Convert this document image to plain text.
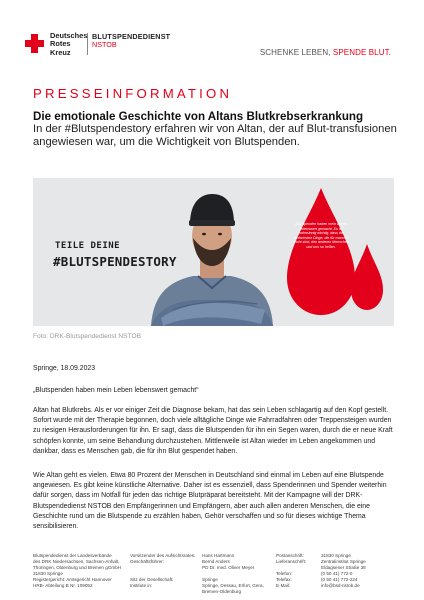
Deutsches
Rotes
Kreuz
BLUTSPENDEDIENST
NSTOB
SCHENKE LEBEN, SPENDE BLUT.
PRESSEINFORMATION
Die emotionale Geschichte von Altans Blutkrebserkrankung
In der #Blutspendestory erfahren wir von Altan, der auf Blut-transfusionen angewiesen war, um die Wichtigkeit von Blutspenden.
TEILE DEINE
#BLUTSPENDESTORY
„Blutspenden haben mein Leben lebenswert gemacht. Es ist wahnsinnig wichtig, dass die einfachsten Dinge, die für manche leicht sind, den anderen Menschen und uns so helfen.
Foto: DRK-Blutspendedienst NSTOB
Springe, 18.09.2023
„Blutspenden haben mein Leben lebenswert gemacht“
Altan hat Blutkrebs. Als er vor einiger Zeit die Diagnose bekam, hat das sein Leben schlagartig auf den Kopf gestellt. Sofort wurde mit der Therapie begonnen, doch viele alltägliche Dinge wie Fahrradfahren oder Treppensteigen wurden zu riesigen Herausforderungen für ihn. Er sagt, dass die Blutspenden für ihn ein Segen waren, durch die er neue Kraft schöpfen konnte, um seine Behandlung durchzustehen. Mittlerweile ist Altan wieder im Leben angekommen und dankbar, dass es Menschen gab, die für ihn Blut gespendet haben.
Wie Altan geht es vielen. Etwa 80 Prozent der Menschen in Deutschland sind einmal im Leben auf eine Blutspende angewiesen. Es gibt keine künstliche Alternative. Daher ist es essenziell, dass Spenderinnen und Spender weiterhin dafür sorgen, dass im Notfall für jeden das richtige Blutpräparat bereitsteht. Mit der Kampagne will der DRK-Blutspendedienst NSTOB den Empfängerinnen und Empfängern, aber auch allen anderen Menschen, die eine Geschichte rund um die Blutspende zu erzählen haben, Gehör verschaffen und so für dieses wichtige Thema sensibilisieren.
Blutspendedienst der Landesverbände
des DRK Niedersachsen, Sachsen-Anhalt,
Thüringen, Oldenburg und Bremen gGmbH
31830 Springe
Registergericht: Amtsgericht Hannover
HRB- Abteilung B Nr. 109052
Vorsitzender des Aufsichtsrates:
Geschäftsführer:

Sitz der Gesellschaft:
Institute in:
Hans Hartmann
Bernd Anders
PD Dr. med. Oliver Meyer

Springe
Springe, Dessau, Erfurt, Gera,
Bremen-Oldenburg
Postanschrift:
Lieferanschrift:

Telefon:
Telefax:
E-Mail:
31830 Springe
Zentralinstitut Springe
Eldagsener Straße 38
(0 50 41) 772-0
(0 50 41) 772-224
info@bsd-nstob.de
